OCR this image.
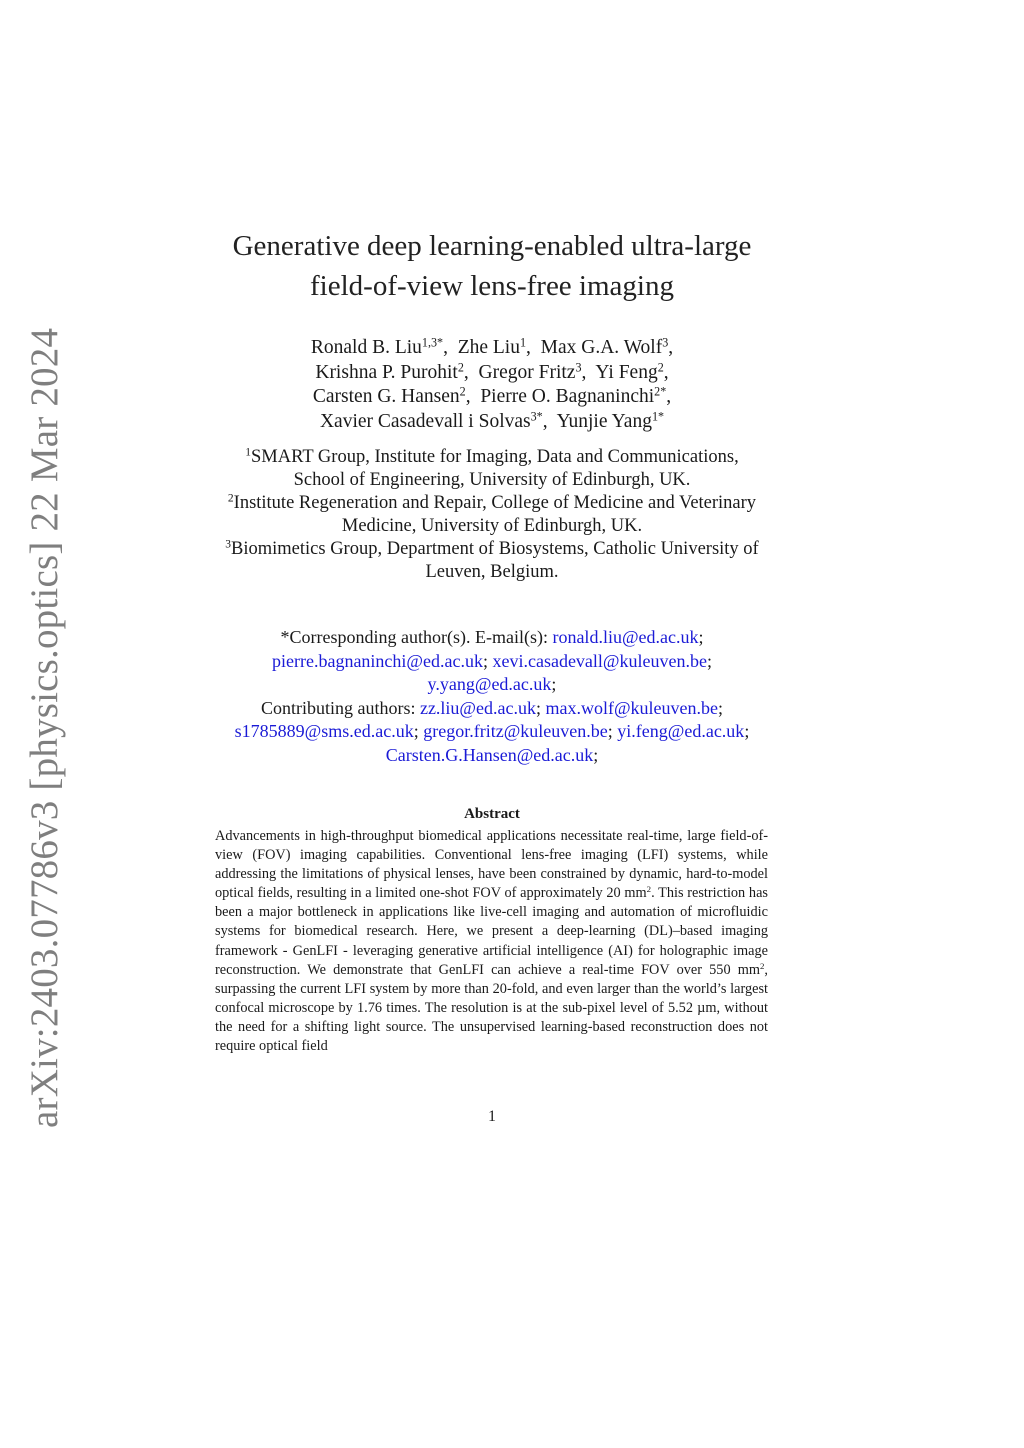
arXiv:2403.07786v3 [physics.optics] 22 Mar 2024
Generative deep learning-enabled ultra-large
field-of-view lens-free imaging
Ronald B. Liu$^{1,3*}$,  Zhe Liu$^1$,  Max G.A. Wolf$^3$,
Krishna P. Purohit$^2$,  Gregor Fritz$^3$,  Yi Feng$^2$,
Carsten G. Hansen$^2$,  Pierre O. Bagnaninchi$^{2*}$,
Xavier Casadevall i Solvas$^{3*}$,  Yunjie Yang$^{1*}$
$^1$SMART Group, Institute for Imaging, Data and Communications,
School of Engineering, University of Edinburgh, UK.
$^2$Institute Regeneration and Repair, College of Medicine and Veterinary
Medicine, University of Edinburgh, UK.
$^3$Biomimetics Group, Department of Biosystems, Catholic University of
Leuven, Belgium.
*Corresponding author(s). E-mail(s): ronald.liu@ed.ac.uk;
pierre.bagnaninchi@ed.ac.uk; xevi.casadevall@kuleuven.be;
y.yang@ed.ac.uk;
Contributing authors: zz.liu@ed.ac.uk; max.wolf@kuleuven.be;
s1785889@sms.ed.ac.uk; gregor.fritz@kuleuven.be; yi.feng@ed.ac.uk;
Carsten.G.Hansen@ed.ac.uk;
Abstract
Advancements in high-throughput biomedical applications necessitate real-time, large field-of-view (FOV) imaging capabilities. Conventional lens-free imaging (LFI) systems, while addressing the limitations of physical lenses, have been constrained by dynamic, hard-to-model optical fields, resulting in a limited one-shot FOV of approximately 20 $mm^2$. This restriction has been a major bottleneck in applications like live-cell imaging and automation of microfluidic systems for biomedical research. Here, we present a deep-learning (DL)–based imaging framework - GenLFI - leveraging generative artificial intelligence (AI) for holographic image reconstruction. We demonstrate that GenLFI can achieve a real-time FOV over 550 $mm^2$, surpassing the current LFI system by more than 20-fold, and even larger than the world’s largest confocal microscope by 1.76 times. The resolution is at the sub-pixel level of 5.52 µm, without the need for a shifting light source. The unsupervised learning-based reconstruction does not require optical field
1
